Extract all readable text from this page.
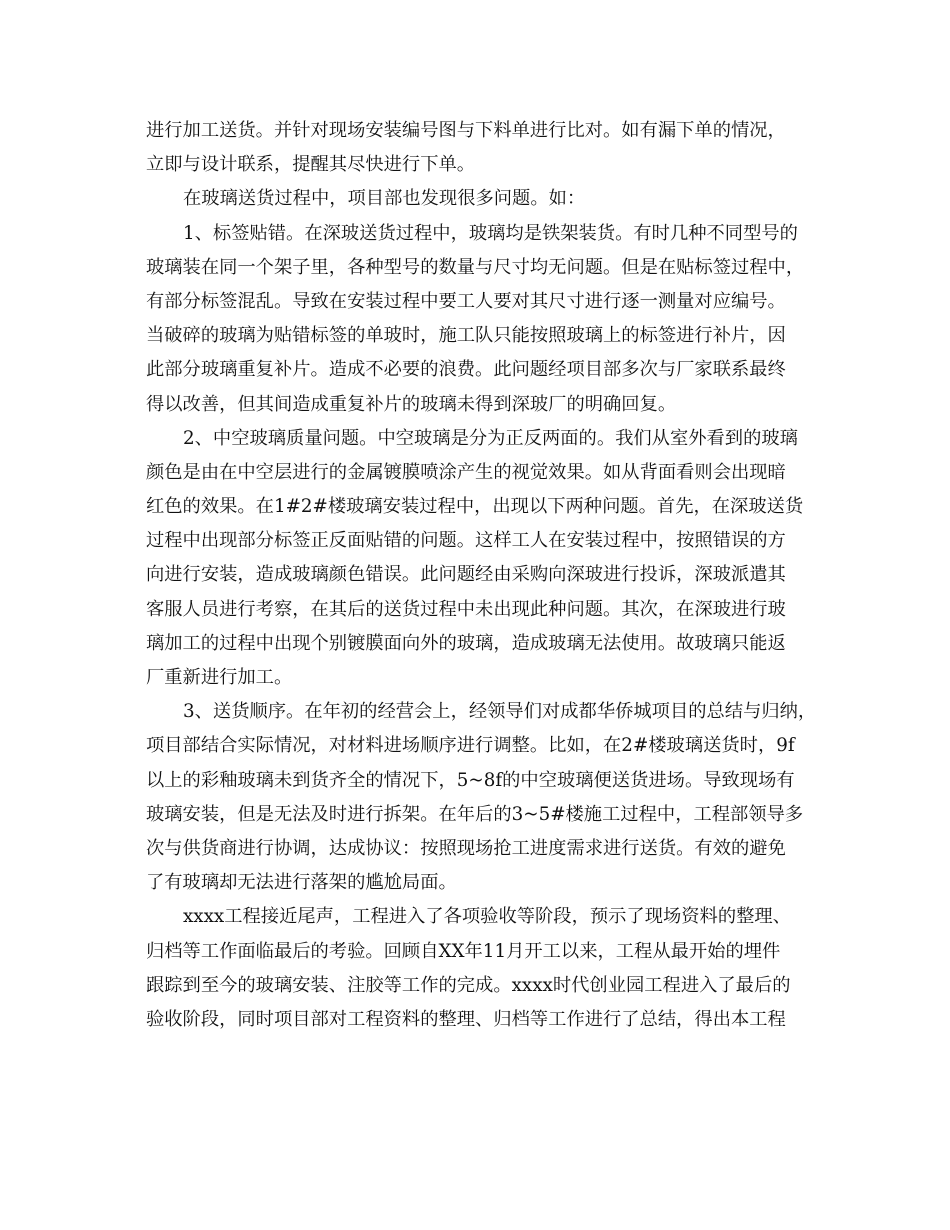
进行加工送货。并针对现场安装编号图与下料单进行比对。如有漏下单的情况，
立即与设计联系，提醒其尽快进行下单。
在玻璃送货过程中，项目部也发现很多问题。如：
1、标签贴错。在深玻送货过程中，玻璃均是铁架装货。有时几种不同型号的
玻璃装在同一个架子里，各种型号的数量与尺寸均无问题。但是在贴标签过程中，
有部分标签混乱。导致在安装过程中要工人要对其尺寸进行逐一测量对应编号。
当破碎的玻璃为贴错标签的单玻时，施工队只能按照玻璃上的标签进行补片，因
此部分玻璃重复补片。造成不必要的浪费。此问题经项目部多次与厂家联系最终
得以改善，但其间造成重复补片的玻璃未得到深玻厂的明确回复。
2、中空玻璃质量问题。中空玻璃是分为正反两面的。我们从室外看到的玻璃
颜色是由在中空层进行的金属镀膜喷涂产生的视觉效果。如从背面看则会出现暗
红色的效果。在1#2#楼玻璃安装过程中，出现以下两种问题。首先，在深玻送货
过程中出现部分标签正反面贴错的问题。这样工人在安装过程中，按照错误的方
向进行安装，造成玻璃颜色错误。此问题经由采购向深玻进行投诉，深玻派遣其
客服人员进行考察，在其后的送货过程中未出现此种问题。其次，在深玻进行玻
璃加工的过程中出现个别镀膜面向外的玻璃，造成玻璃无法使用。故玻璃只能返
厂重新进行加工。
3、送货顺序。在年初的经营会上，经领导们对成都华侨城项目的总结与归纳，
项目部结合实际情况，对材料进场顺序进行调整。比如，在2#楼玻璃送货时，9f
以上的彩釉玻璃未到货齐全的情况下，5~8f的中空玻璃便送货进场。导致现场有
玻璃安装，但是无法及时进行拆架。在年后的3~5#楼施工过程中，工程部领导多
次与供货商进行协调，达成协议：按照现场抢工进度需求进行送货。有效的避免
了有玻璃却无法进行落架的尴尬局面。
xxxx工程接近尾声，工程进入了各项验收等阶段，预示了现场资料的整理、
归档等工作面临最后的考验。回顾自XX年11月开工以来，工程从最开始的埋件
跟踪到至今的玻璃安装、注胶等工作的完成。xxxx时代创业园工程进入了最后的
验收阶段，同时项目部对工程资料的整理、归档等工作进行了总结，得出本工程
